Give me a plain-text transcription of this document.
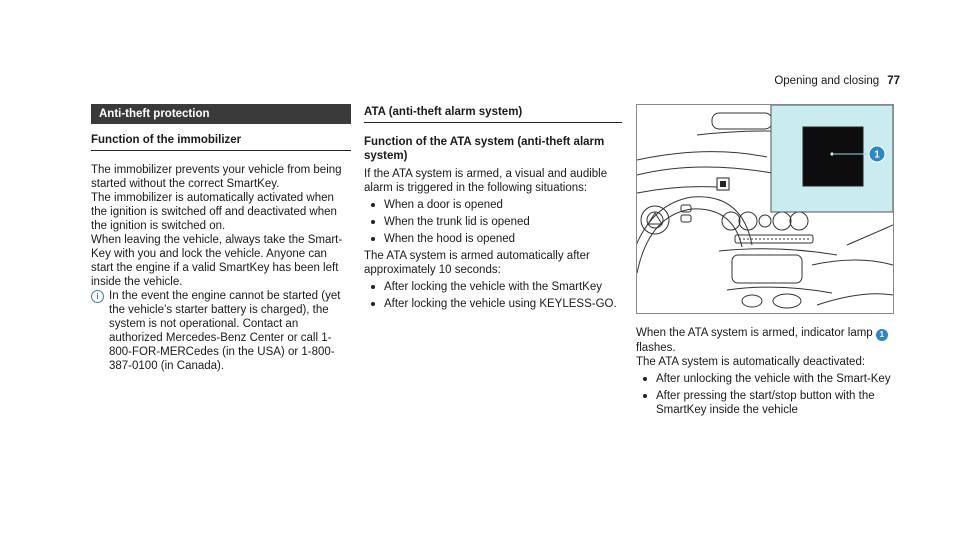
Opening and closing 77
Anti-theft protection
Function of the immobilizer

The immobilizer prevents your vehicle from being started without the correct SmartKey.

The immobilizer is automatically activated when the ignition is switched off and deactivated when the ignition is switched on.

When leaving the vehicle, always take the Smart-Key with you and lock the vehicle. Anyone can start the engine if a valid SmartKey has been left inside the vehicle.

i In the event the engine cannot be started (yet the vehicle’s starter battery is charged), the system is not operational. Contact an authorized Mercedes-Benz Center or call 1-800-FOR-MERCedes (in the USA) or 1-800-387-0100 (in Canada).

ATA (anti-theft alarm system)
Function of the ATA system (anti-theft alarm system)

If the ATA system is armed, a visual and audible alarm is triggered in the following situations:

When a door is opened
When the trunk lid is opened
When the hood is opened

The ATA system is armed automatically after approximately 10 seconds:

After locking the vehicle with the SmartKey
After locking the vehicle using KEYLESS-GO.
1

When the ATA system is armed, indicator lamp 1 flashes.

The ATA system is automatically deactivated:

After unlocking the vehicle with the Smart-Key
After pressing the start/stop button with the SmartKey inside the vehicle
